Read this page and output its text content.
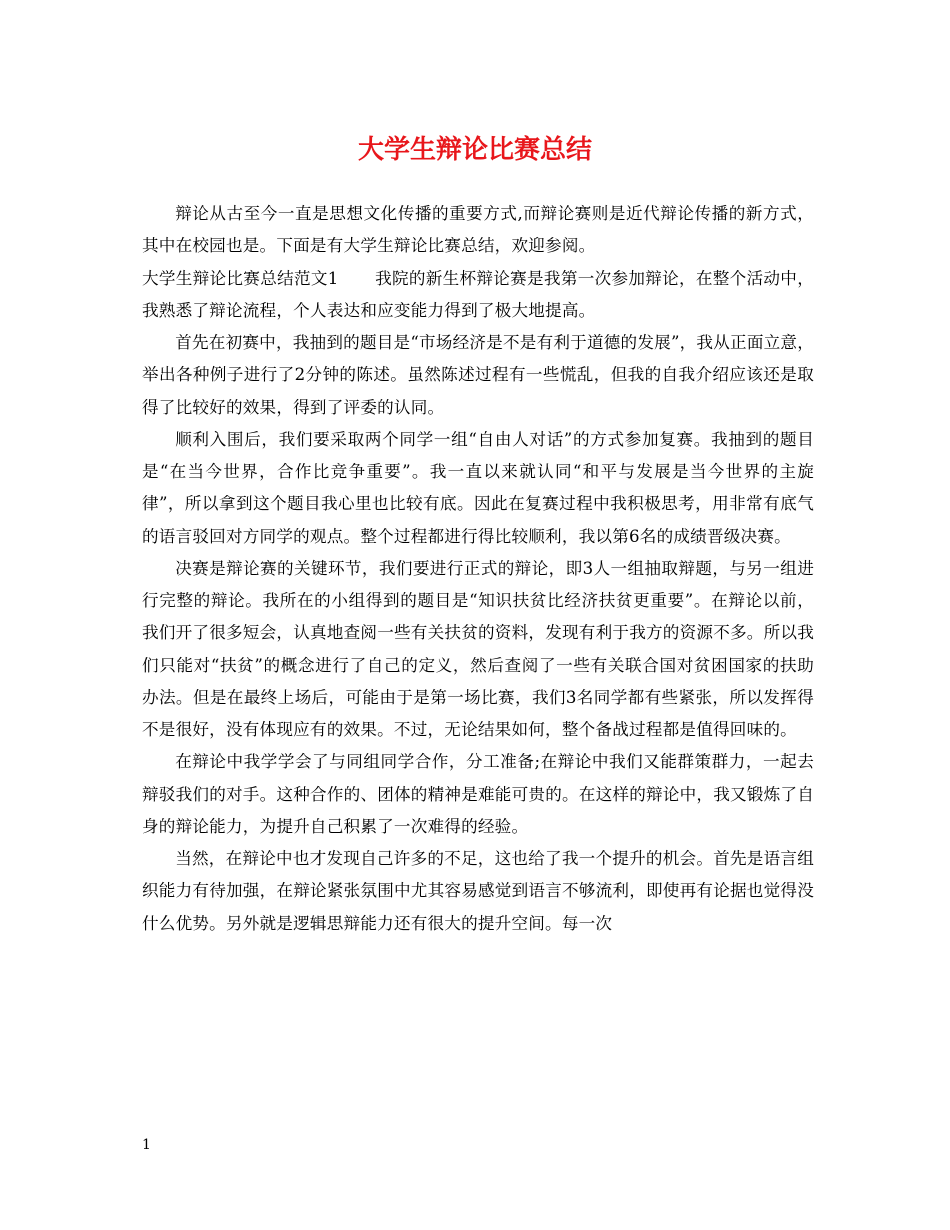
大学生辩论比赛总结

辩论从古至今一直是思想文化传播的重要方式,而辩论赛则是近代辩论传播的新方式，其中在校园也是。下面是有大学生辩论比赛总结，欢迎参阅。

大学生辩论比赛总结范文1 我院的新生杯辩论赛是我第一次参加辩论，在整个活动中，我熟悉了辩论流程，个人表达和应变能力得到了极大地提高。

首先在初赛中，我抽到的题目是“市场经济是不是有利于道德的发展”，我从正面立意，举出各种例子进行了2分钟的陈述。虽然陈述过程有一些慌乱，但我的自我介绍应该还是取得了比较好的效果，得到了评委的认同。

顺利入围后，我们要采取两个同学一组“自由人对话”的方式参加复赛。我抽到的题目是“在当今世界，合作比竞争重要”。我一直以来就认同“和平与发展是当今世界的主旋律”，所以拿到这个题目我心里也比较有底。因此在复赛过程中我积极思考，用非常有底气的语言驳回对方同学的观点。整个过程都进行得比较顺利，我以第6名的成绩晋级决赛。

决赛是辩论赛的关键环节，我们要进行正式的辩论，即3人一组抽取辩题，与另一组进行完整的辩论。我所在的小组得到的题目是“知识扶贫比经济扶贫更重要”。在辩论以前，我们开了很多短会，认真地查阅一些有关扶贫的资料，发现有利于我方的资源不多。所以我们只能对“扶贫”的概念进行了自己的定义，然后查阅了一些有关联合国对贫困国家的扶助办法。但是在最终上场后，可能由于是第一场比赛，我们3名同学都有些紧张，所以发挥得不是很好，没有体现应有的效果。不过，无论结果如何，整个备战过程都是值得回味的。

在辩论中我学学会了与同组同学合作，分工准备;在辩论中我们又能群策群力，一起去辩驳我们的对手。这种合作的、团体的精神是难能可贵的。在这样的辩论中，我又锻炼了自身的辩论能力，为提升自己积累了一次难得的经验。

当然，在辩论中也才发现自己许多的不足，这也给了我一个提升的机会。首先是语言组织能力有待加强，在辩论紧张氛围中尤其容易感觉到语言不够流利，即使再有论据也觉得没什么优势。另外就是逻辑思辩能力还有很大的提升空间。每一次

1
